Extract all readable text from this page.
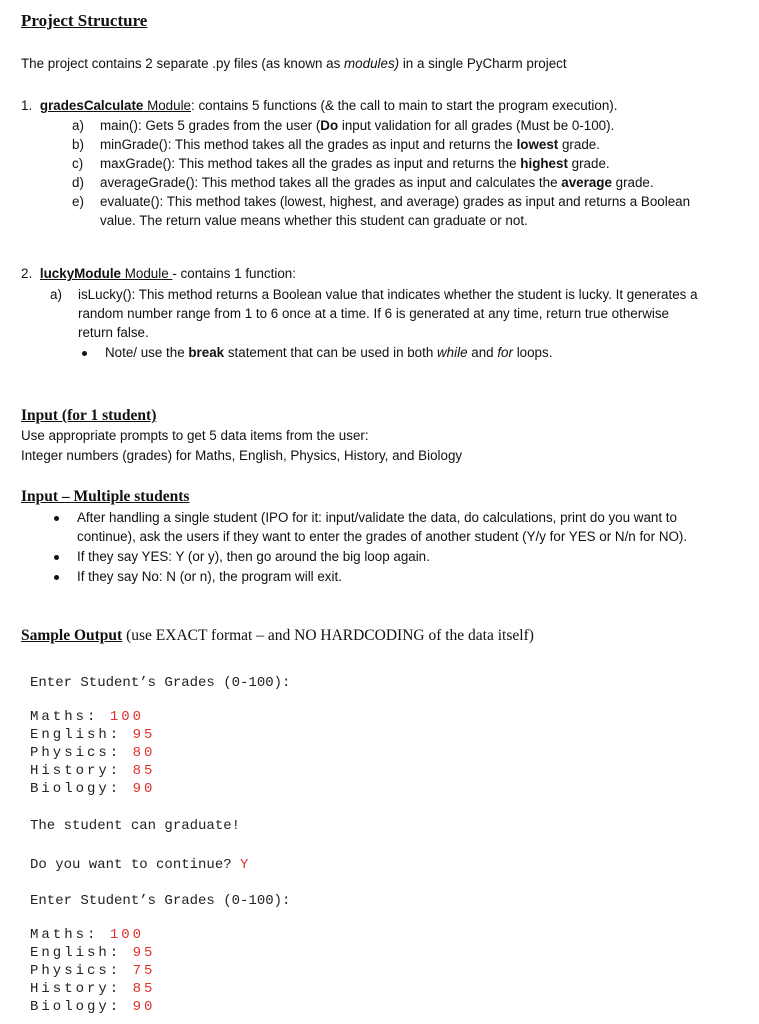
Project Structure
The project contains 2 separate .py files (as known as modules) in a single PyCharm project
1. gradesCalculate Module: contains 5 functions (& the call to main to start the program execution).
a) main(): Gets 5 grades from the user (Do input validation for all grades (Must be 0-100).
b) minGrade(): This method takes all the grades as input and returns the lowest grade.
c) maxGrade(): This method takes all the grades as input and returns the highest grade.
d) averageGrade(): This method takes all the grades as input and calculates the average grade.
e) evaluate(): This method takes (lowest, highest, and average) grades as input and returns a Boolean
value. The return value means whether this student can graduate or not.
2. luckyModule Module - contains 1 function:
a) isLucky(): This method returns a Boolean value that indicates whether the student is lucky. It generates a
random number range from 1 to 6 once at a time. If 6 is generated at any time, return true otherwise
return false.
Note/ use the break statement that can be used in both while and for loops.
Input (for 1 student)
Use appropriate prompts to get 5 data items from the user:
Integer numbers (grades) for Maths, English, Physics, History, and Biology
Input – Multiple students
After handling a single student (IPO for it: input/validate the data, do calculations, print do you want to
continue), ask the users if they want to enter the grades of another student (Y/y for YES or N/n for NO).
If they say YES: Y (or y), then go around the big loop again.
If they say No: N (or n), the program will exit.
Sample Output (use EXACT format – and NO HARDCODING of the data itself)
Enter Student’s Grades (0-100):
Maths: 100
English: 95
Physics: 80
History: 85
Biology: 90
The student can graduate!
Do you want to continue? Y
Enter Student’s Grades (0-100):
Maths: 100
English: 95
Physics: 75
History: 85
Biology: 90
